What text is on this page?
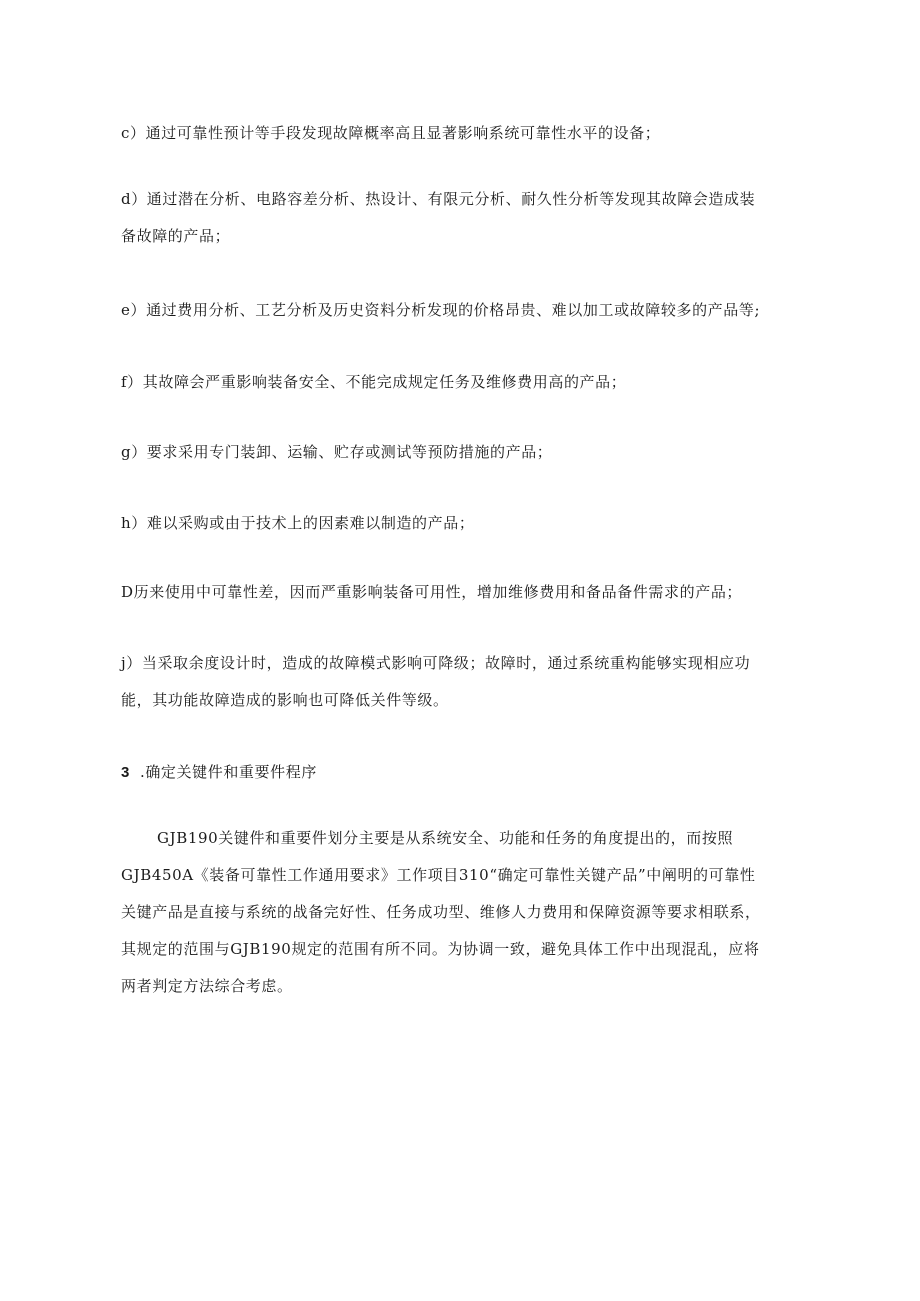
c）通过可靠性预计等手段发现故障概率高且显著影响系统可靠性水平的设备；

d）通过潜在分析、电路容差分析、热设计、有限元分析、耐久性分析等发现其故障会造成装
备故障的产品；

e）通过费用分析、工艺分析及历史资料分析发现的价格昂贵、难以加工或故障较多的产品等;

f）其故障会严重影响装备安全、不能完成规定任务及维修费用高的产品；

g）要求采用专门装卸、运输、贮存或测试等预防措施的产品；

h）难以采购或由于技术上的因素难以制造的产品；

D历来使用中可靠性差，因而严重影响装备可用性，增加维修费用和备品备件需求的产品；

j）当采取余度设计时，造成的故障模式影响可降级；故障时，通过系统重构能够实现相应功
能，其功能故障造成的影响也可降低关件等级。

3 .确定关键件和重要件程序

GJB190关键件和重要件划分主要是从系统安全、功能和任务的角度提出的，而按照
GJB450A《装备可靠性工作通用要求》工作项目310“确定可靠性关键产品”中阐明的可靠性
关键产品是直接与系统的战备完好性、任务成功型、维修人力费用和保障资源等要求相联系，
其规定的范围与GJB190规定的范围有所不同。为协调一致，避免具体工作中出现混乱，应将
两者判定方法综合考虑。
